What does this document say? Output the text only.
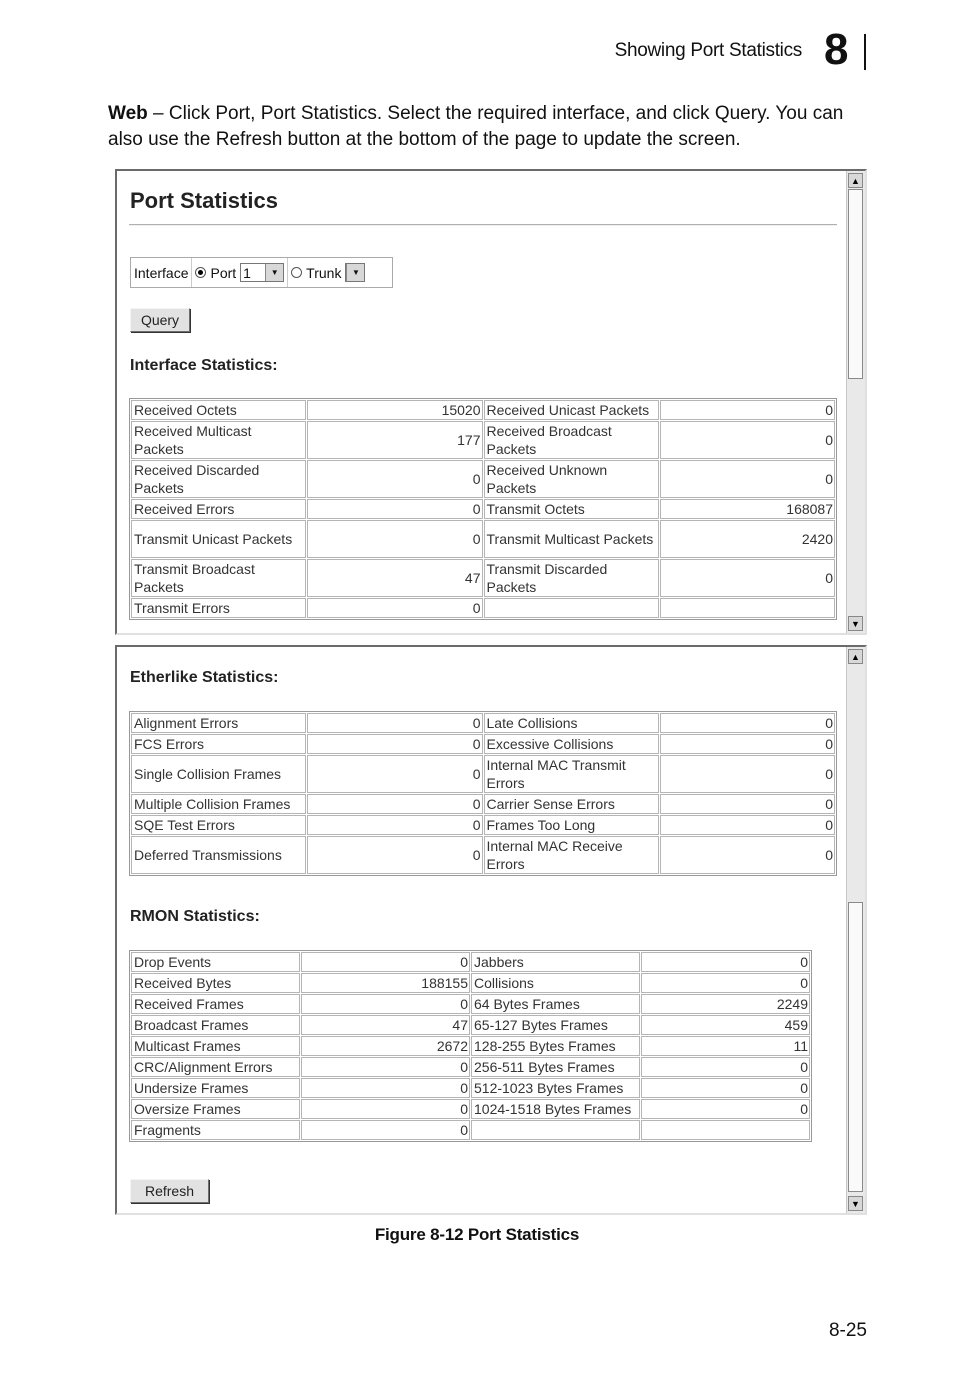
Showing Port Statistics 8
Web – Click Port, Port Statistics. Select the required interface, and click Query. You can also use the Refresh button at the bottom of the page to update the screen.
Port Statistics
Interface Port 1	▼	Trunk	▼
Query
Interface Statistics:
Received Octets	15020	Received Unicast Packets	0
Received Multicast Packets	177	Received Broadcast Packets	0
Received Discarded Packets	0	Received Unknown Packets	0
Received Errors	0	Transmit Octets	168087
Transmit Unicast Packets	0	Transmit Multicast Packets	2420
Transmit Broadcast Packets	47	Transmit Discarded Packets	0
Transmit Errors	0		
▲
▼
Etherlike Statistics:
Alignment Errors	0	Late Collisions	0
FCS Errors	0	Excessive Collisions	0
Single Collision Frames	0	Internal MAC Transmit Errors	0
Multiple Collision Frames	0	Carrier Sense Errors	0
SQE Test Errors	0	Frames Too Long	0
Deferred Transmissions	0	Internal MAC Receive Errors	0
RMON Statistics:
Drop Events	0	Jabbers	0
Received Bytes	188155	Collisions	0
Received Frames	0	64 Bytes Frames	2249
Broadcast Frames	47	65-127 Bytes Frames	459
Multicast Frames	2672	128-255 Bytes Frames	11
CRC/Alignment Errors	0	256-511 Bytes Frames	0
Undersize Frames	0	512-1023 Bytes Frames	0
Oversize Frames	0	1024-1518 Bytes Frames	0
Fragments	0		
Refresh
▲
▼
Figure 8-12 Port Statistics
8-25
